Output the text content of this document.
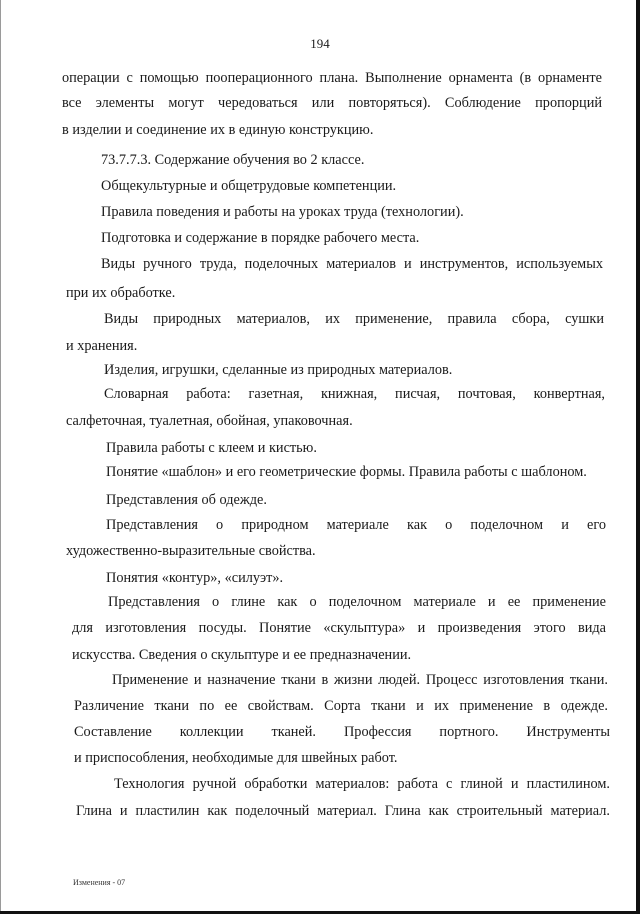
194
операции с помощью пооперационного плана. Выполнение орнамента (в орнаменте
все элементы могут чередоваться или повторяться). Соблюдение пропорций
в изделии и соединение их в единую конструкцию.
73.7.7.3. Содержание обучения во 2 классе.
Общекультурные и общетрудовые компетенции.
Правила поведения и работы на уроках труда (технологии).
Подготовка и содержание в порядке рабочего места.
Виды ручного труда, поделочных материалов и инструментов, используемых
при их обработке.
Виды природных материалов, их применение, правила сбора, сушки
и хранения.
Изделия, игрушки, сделанные из природных материалов.
Словарная работа: газетная, книжная, писчая, почтовая, конвертная,
салфеточная, туалетная, обойная, упаковочная.
Правила работы с клеем и кистью.
Понятие «шаблон» и его геометрические формы. Правила работы с шаблоном.
Представления об одежде.
Представления о природном материале как о поделочном и его
художественно-выразительные свойства.
Понятия «контур», «силуэт».
Представления о глине как о поделочном материале и ее применение
для изготовления посуды. Понятие «скульптура» и произведения этого вида
искусства. Сведения о скульптуре и ее предназначении.
Применение и назначение ткани в жизни людей. Процесс изготовления ткани.
Различение ткани по ее свойствам. Сорта ткани и их применение в одежде.
Составление коллекции тканей. Профессия портного. Инструменты
и приспособления, необходимые для швейных работ.
Технология ручной обработки материалов: работа с глиной и пластилином.
Глина и пластилин как поделочный материал. Глина как строительный материал.
Изменения - 07
